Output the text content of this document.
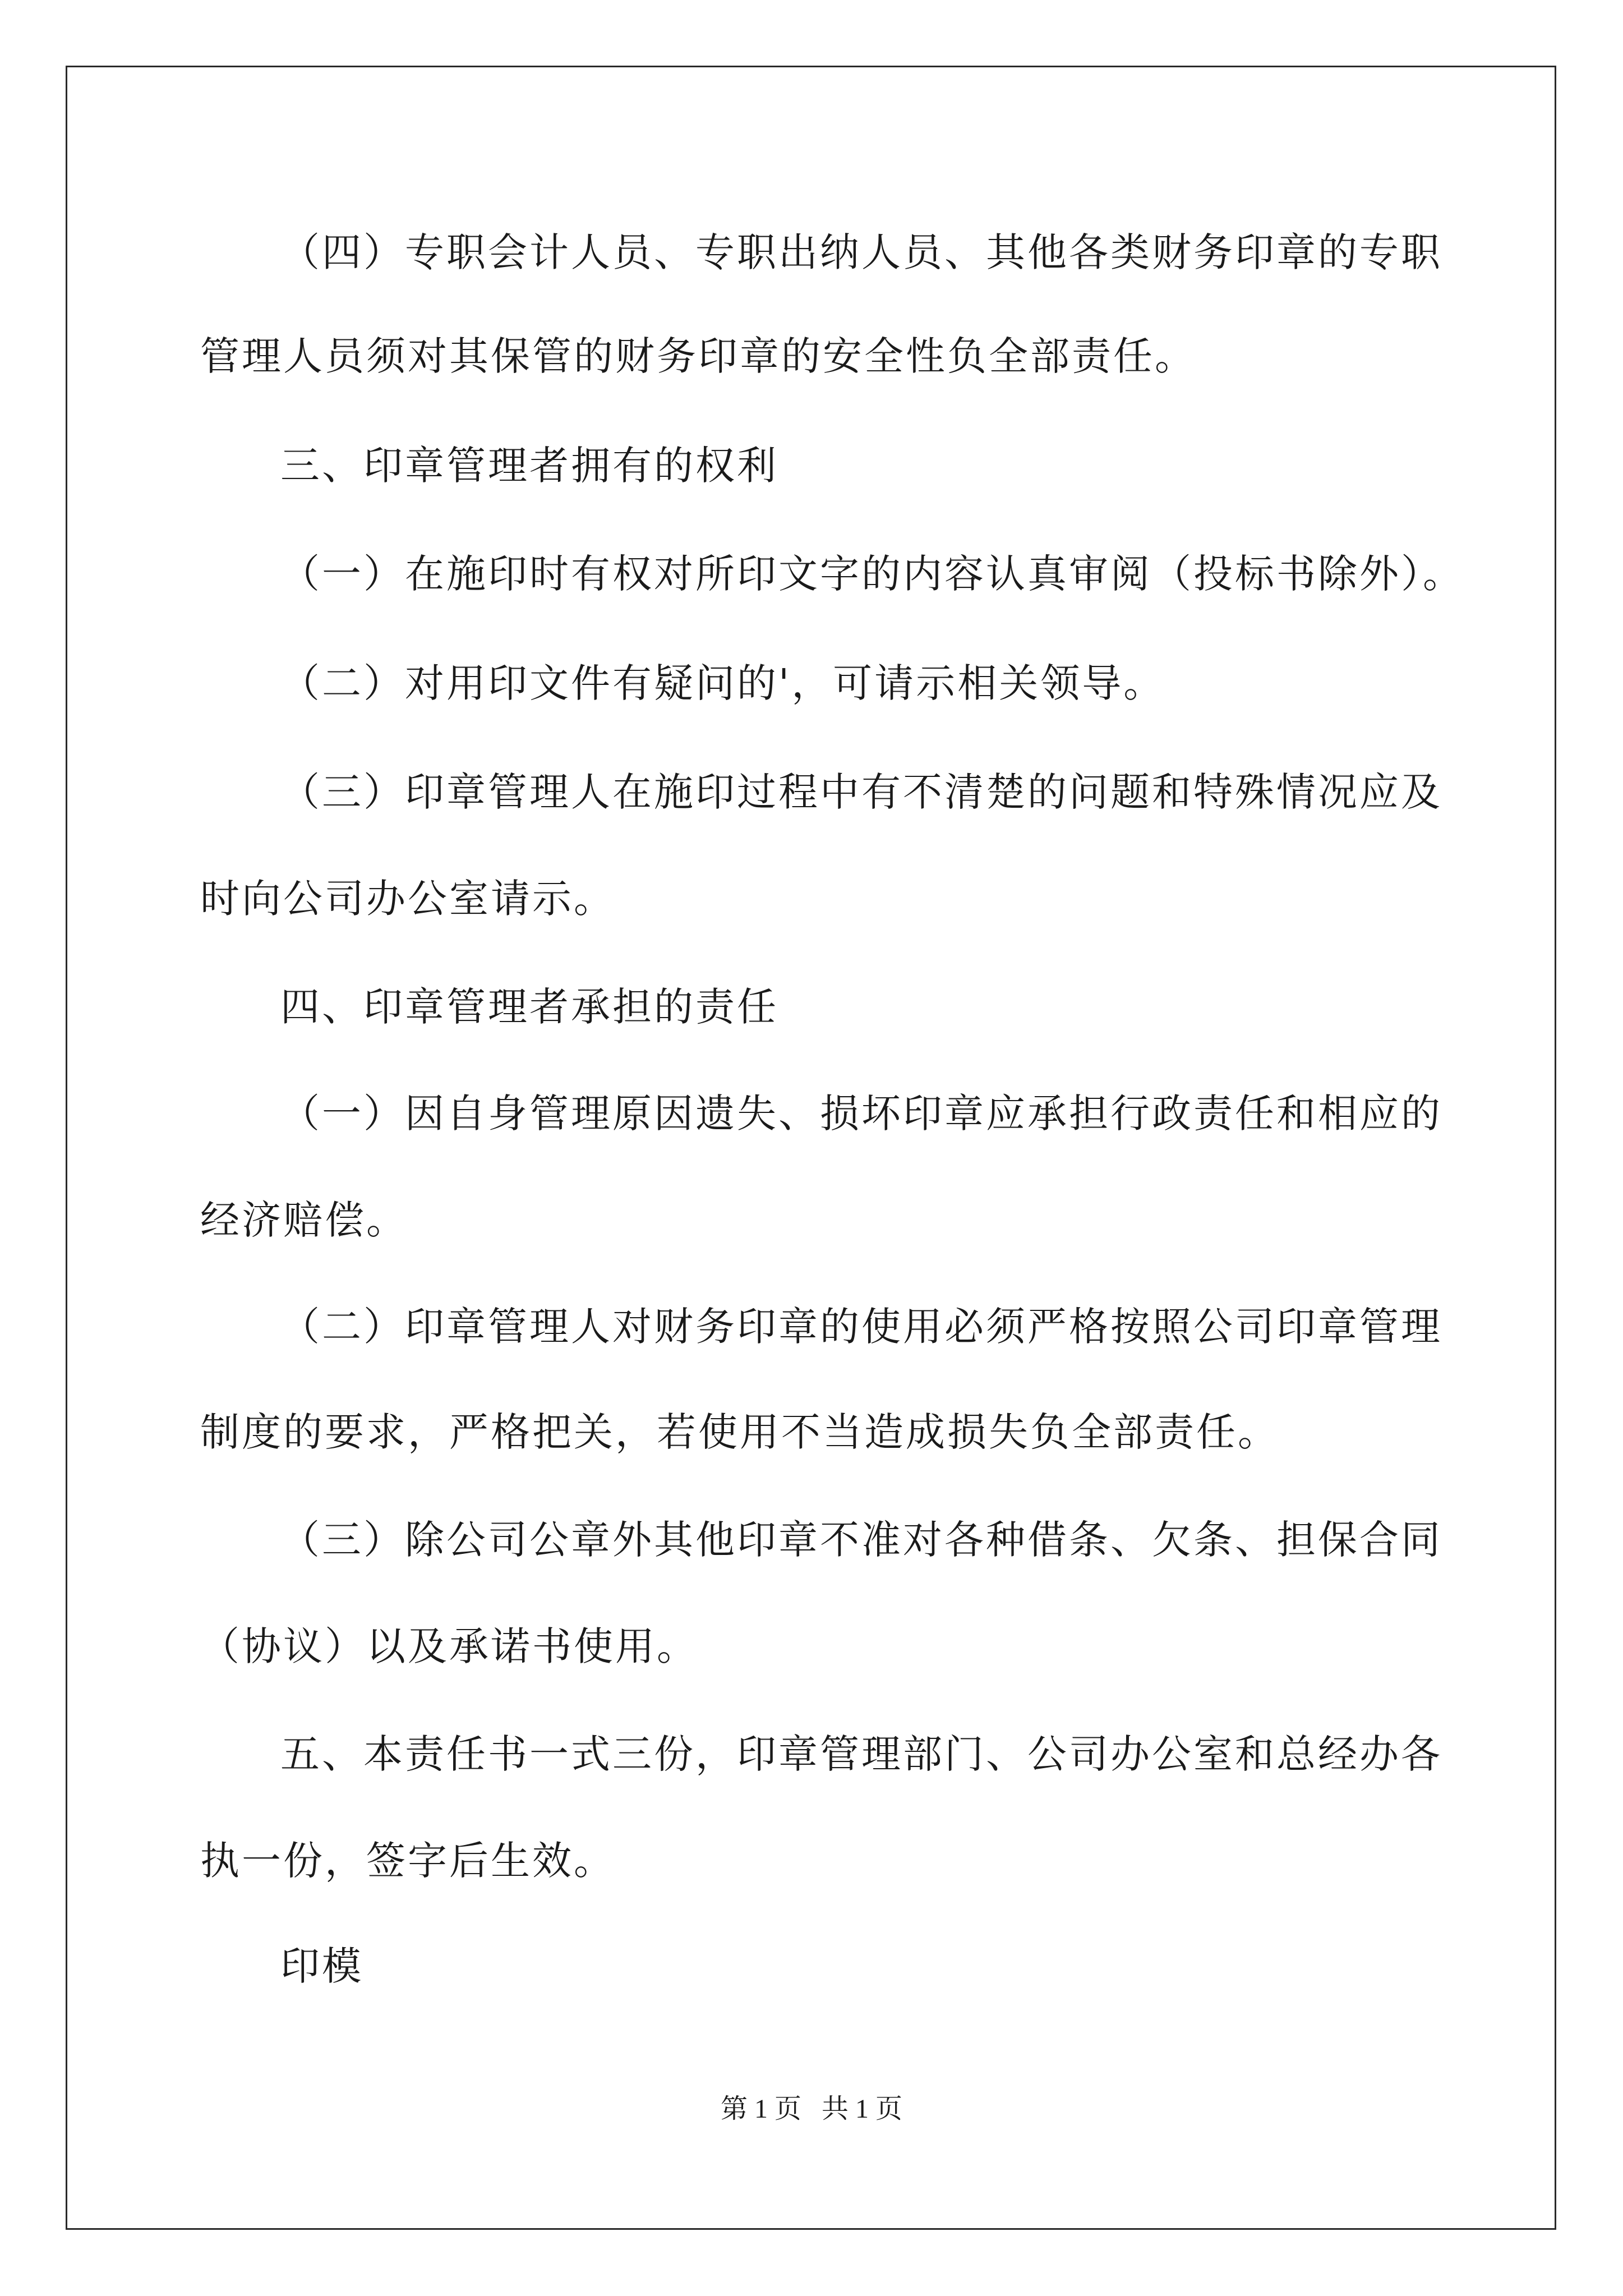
（四）专职会计人员、专职出纳人员、其他各类财务印章的专职
管理人员须对其保管的财务印章的安全性负全部责任。
三、印章管理者拥有的权利
（一）在施印时有权对所印文字的内容认真审阅（投标书除外）。
（二）对用印文件有疑问的'，可请示相关领导。
（三）印章管理人在施印过程中有不清楚的问题和特殊情况应及
时向公司办公室请示。
四、印章管理者承担的责任
（一）因自身管理原因遗失、损坏印章应承担行政责任和相应的
经济赔偿。
（二）印章管理人对财务印章的使用必须严格按照公司印章管理
制度的要求，严格把关，若使用不当造成损失负全部责任。
（三）除公司公章外其他印章不准对各种借条、欠条、担保合同
（协议）以及承诺书使用。
五、本责任书一式三份，印章管理部门、公司办公室和总经办各
执一份，签字后生效。
印模
第 1 页   共 1 页
